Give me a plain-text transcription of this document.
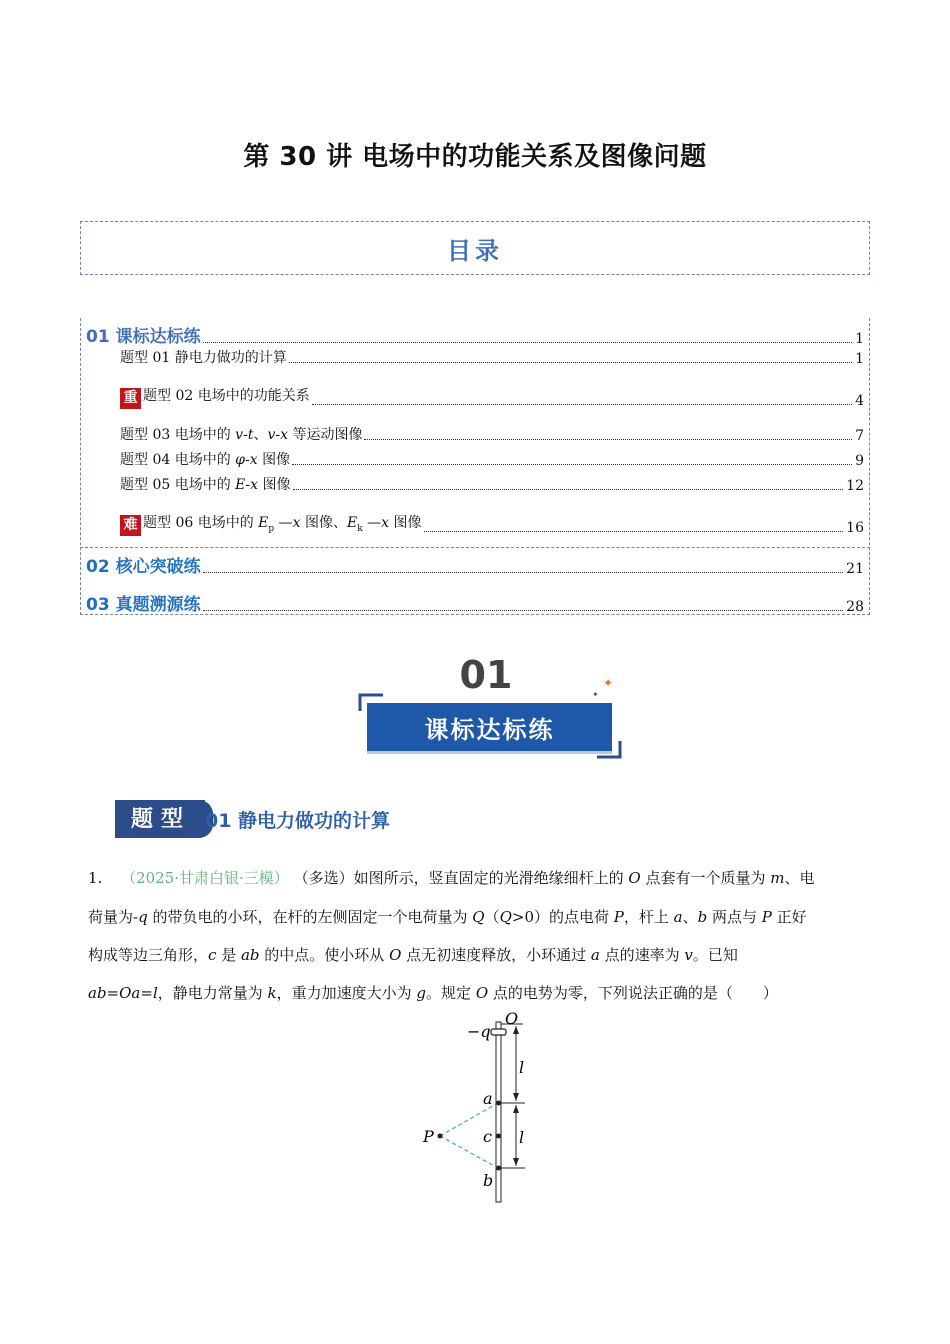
第 30 讲 电场中的功能关系及图像问题
目录
01 课标达标练	1
题型 01 静电力做功的计算	1
重 题型 02 电场中的功能关系	4
题型 03 电场中的 v-t、v-x 等运动图像	7
题型 04 电场中的 φ-x 图像	9
题型 05 电场中的 E-x 图像	12
难 题型 06 电场中的 $E_p$ —x 图像、$E_k$ —x 图像	16
02 核心突破练	21
03 真题溯源练	28
✦
✦
01
课标达标练
题型 01 静电力做功的计算
1. （2025·甘肃白银·三模） （多选）如图所示，竖直固定的光滑绝缘细杆上的 O 点套有一个质量为 m、电
荷量为-q 的带负电的小环，在杆的左侧固定一个电荷量为 Q（Q>0）的点电荷 P，杆上 a、b 两点与 P 正好
构成等边三角形，c 是 ab 的中点。使小环从 O 点无初速度释放，小环通过 a 点的速率为 v。已知
ab=Oa=l，静电力常量为 k，重力加速度大小为 g。规定 O 点的电势为零，下列说法正确的是（　　）
−q
O
a
c
b
P
l
l
